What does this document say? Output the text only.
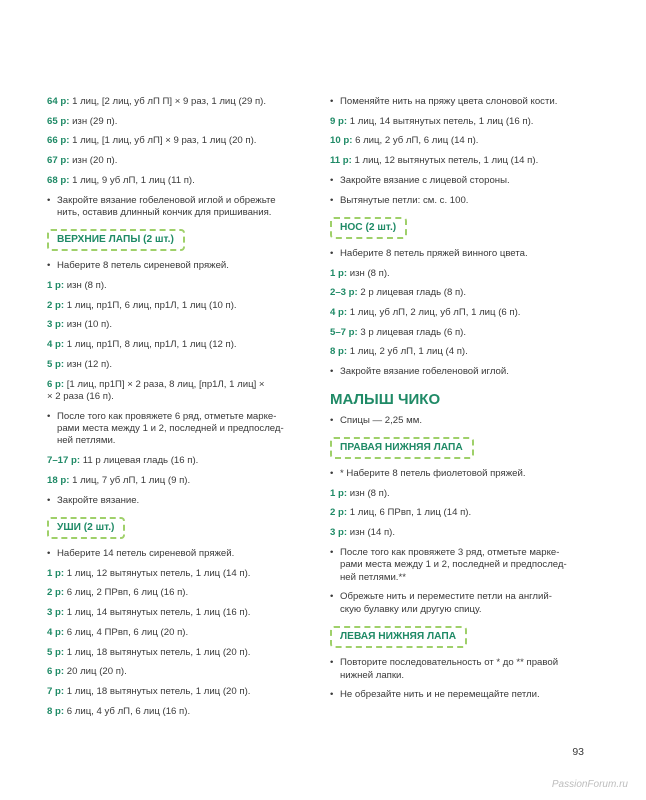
64 р: 1 лиц, [2 лиц, уб лП П] × 9 раз, 1 лиц (29 п).
65 р: изн (29 п).
66 р: 1 лиц, [1 лиц, уб лП] × 9 раз, 1 лиц (20 п).
67 р: изн (20 п).
68 р: 1 лиц, 9 уб лП, 1 лиц (11 п).
• Закройте вязание гобеленовой иглой и обрежьте
нить, оставив длинный кончик для пришивания.
ВЕРХНИЕ ЛАПЫ (2 шт.)
• Наберите 8 петель сиреневой пряжей.
1 р: изн (8 п).
2 р: 1 лиц, пр1П, 6 лиц, пр1Л, 1 лиц (10 п).
3 р: изн (10 п).
4 р: 1 лиц, пр1П, 8 лиц, пр1Л, 1 лиц (12 п).
5 р: изн (12 п).
6 р: [1 лиц, пр1П] × 2 раза, 8 лиц, [пр1Л, 1 лиц] ×
× 2 раза (16 п).
• После того как провяжете 6 ряд, отметьте марке-
рами места между 1 и 2, последней и предпослед-
ней петлями.
7–17 р: 11 р лицевая гладь (16 п).
18 р: 1 лиц, 7 уб лП, 1 лиц (9 п).
• Закройте вязание.
УШИ (2 шт.)
• Наберите 14 петель сиреневой пряжей.
1 р: 1 лиц, 12 вытянутых петель, 1 лиц (14 п).
2 р: 6 лиц, 2 ПРвп, 6 лиц (16 п).
3 р: 1 лиц, 14 вытянутых петель, 1 лиц (16 п).
4 р: 6 лиц, 4 ПРвп, 6 лиц (20 п).
5 р: 1 лиц, 18 вытянутых петель, 1 лиц (20 п).
6 р: 20 лиц (20 п).
7 р: 1 лиц, 18 вытянутых петель, 1 лиц (20 п).
8 р: 6 лиц, 4 уб лП, 6 лиц (16 п).
• Поменяйте нить на пряжу цвета слоновой кости.
9 р: 1 лиц, 14 вытянутых петель, 1 лиц (16 п).
10 р: 6 лиц, 2 уб лП, 6 лиц (14 п).
11 р: 1 лиц, 12 вытянутых петель, 1 лиц (14 п).
• Закройте вязание с лицевой стороны.
• Вытянутые петли: см. с. 100.
НОС (2 шт.)
• Наберите 8 петель пряжей винного цвета.
1 р: изн (8 п).
2–3 р: 2 р лицевая гладь (8 п).
4 р: 1 лиц, уб лП, 2 лиц, уб лП, 1 лиц (6 п).
5–7 р: 3 р лицевая гладь (6 п).
8 р: 1 лиц, 2 уб лП, 1 лиц (4 п).
• Закройте вязание гобеленовой иглой.
МАЛЫШ ЧИКО
• Спицы — 2,25 мм.
ПРАВАЯ НИЖНЯЯ ЛАПА
• * Наберите 8 петель фиолетовой пряжей.
1 р: изн (8 п).
2 р: 1 лиц, 6 ПРвп, 1 лиц (14 п).
3 р: изн (14 п).
• После того как провяжете 3 ряд, отметьте марке-
рами места между 1 и 2, последней и предпослед-
ней петлями.**
• Обрежьте нить и переместите петли на англий-
скую булавку или другую спицу.
ЛЕВАЯ НИЖНЯЯ ЛАПА
• Повторите последовательность от * до ** правой
нижней лапки.
• Не обрезайте нить и не перемещайте петли.
93
PassionForum.ru
